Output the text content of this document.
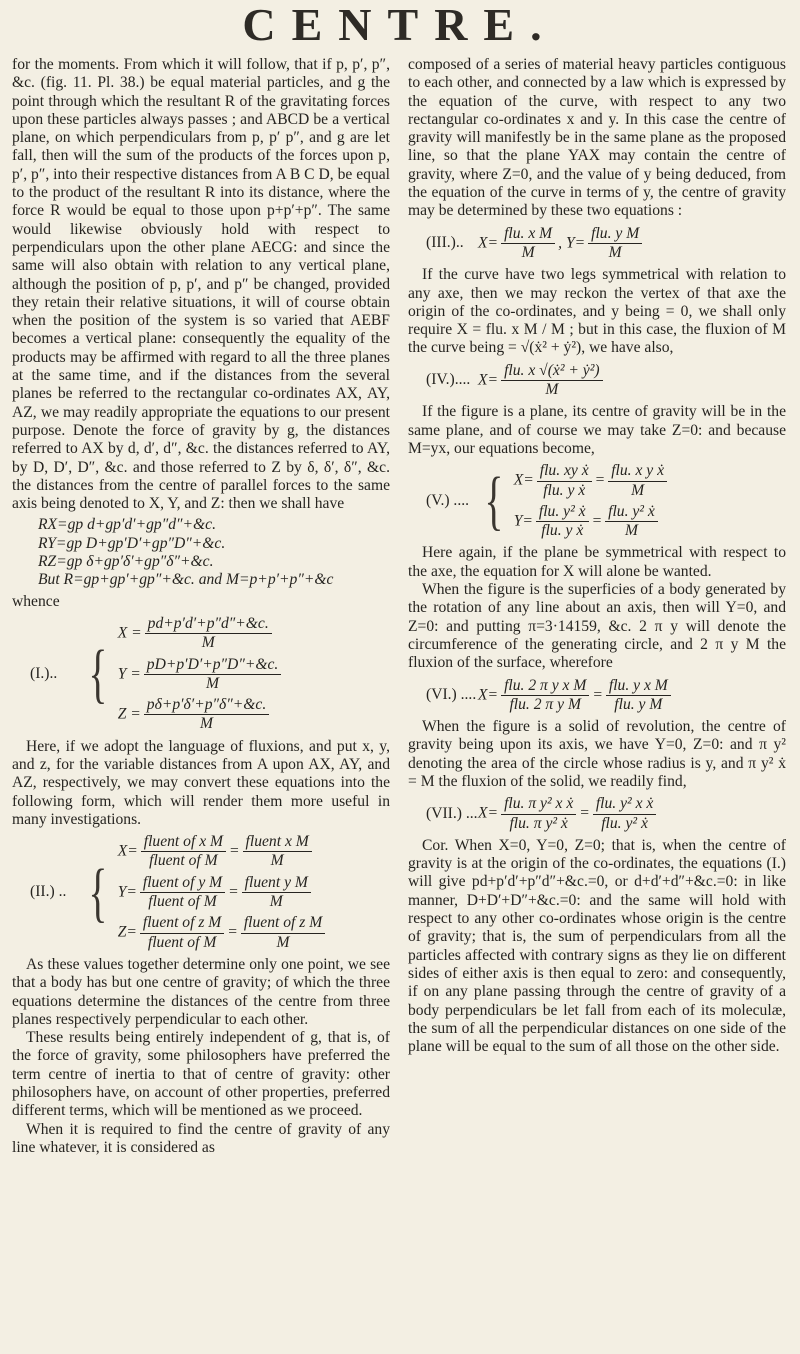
CENTRE.

for the moments. From which it will follow, that if p, p′, p″, &c. (fig. 11. Pl. 38.) be equal material particles, and g the point through which the resultant R of the gravitating forces upon these particles always passes ; and ABCD be a vertical plane, on which perpendiculars from p, p′ p″, and g are let fall, then will the sum of the products of the forces upon p, p′, p″, into their respective distances from A B C D, be equal to the product of the resultant R into its distance, where the force R would be equal to those upon p+p′+p″. The same would likewise obviously hold with respect to perpendiculars upon the other plane AECG: and since the same will also obtain with relation to any vertical plane, although the position of p, p′, and p″ be changed, provided they retain their relative situations, it will of course obtain when the position of the system is so varied that AEBF becomes a vertical plane: consequently the equality of the products may be affirmed with regard to all the three planes at the same time, and if the distances from the several planes be referred to the rectangular co-ordinates AX, AY, AZ, we may readily appropriate the equations to our present purpose. Denote the force of gravity by g, the distances referred to AX by d, d′, d″, &c. the distances referred to AY, by D, D′, D″, &c. and those referred to Z by δ, δ′, δ″, &c. the distances from the centre of parallel forces to the same axis being denoted to X, Y, and Z: then we shall have

RX=gp d+gp′d′+gp″d″+&c.
RY=gp D+gp′D′+gp″D″+&c.
RZ=gp δ+gp′δ′+gp″δ″+&c.
But R=gp+gp′+gp″+&c. and M=p+p′+p″+&c

whence

(I.).. {
$X = \frac{pd+p'd'+p''d''+\&c.}{M}$
$Y = \frac{pD+p'D'+p''D''+\&c.}{M}$
$Z = \frac{p\delta+p'\delta'+p''\delta''+\&c.}{M}$

Here, if we adopt the language of fluxions, and put x, y, and z, for the variable distances from A upon AX, AY, and AZ, respectively, we may convert these equations into the following form, which will render them more useful in many investigations.

(II.) .. {
$X= \frac{\text{fluent of x M}}{\text{fluent of M}} = \frac{\text{fluent x M}}{M}$
$Y= \frac{\text{fluent of y M}}{\text{fluent of M}} = \frac{\text{fluent y M}}{M}$
$Z= \frac{\text{fluent of z M}}{\text{fluent of M}} = \frac{\text{fluent of z M}}{M}$

As these values together determine only one point, we see that a body has but one centre of gravity; of which the three equations determine the distances of the centre from three planes respectively perpendicular to each other.

These results being entirely independent of g, that is, of the force of gravity, some philosophers have preferred the term centre of inertia to that of centre of gravity: other philosophers have, on account of other properties, preferred different terms, which will be mentioned as we proceed.

When it is required to find the centre of gravity of any line whatever, it is considered as

composed of a series of material heavy particles contiguous to each other, and connected by a law which is expressed by the equation of the curve, with respect to any two rectangular co-ordinates x and y. In this case the centre of gravity will manifestly be in the same plane as the proposed line, so that the plane YAX may contain the centre of gravity, where Z=0, and the value of y being deduced, from the equation of the curve in terms of y, the centre of gravity may be determined by these two equations :

(III.).. $X= \frac{\text{flu. x M}}{M}$ , $Y= \frac{\text{flu. y M}}{M}$

If the curve have two legs symmetrical with relation to any axe, then we may reckon the vertex of that axe the origin of the co-ordinates, and y being = 0, we shall only require X = flu. x M / M ; but in this case, the fluxion of M the curve being = √(ẋ² + ẏ²), we have also,

(IV.).... $X= \frac{\text{flu. x √(ẋ² + ẏ²)}}{M}$

If the figure is a plane, its centre of gravity will be in the same plane, and of course we may take Z=0: and because M=yx, our equations become,

(V.) .... { $X= \frac{\text{flu. xy ẋ}}{\text{flu. y ẋ}} = \frac{\text{flu. x y ẋ}}{M}$
$Y= \frac{\text{flu. y² ẋ}}{\text{flu. y ẋ}} = \frac{\text{flu. y² ẋ}}{M}$

Here again, if the plane be symmetrical with respect to the axe, the equation for X will alone be wanted.

When the figure is the superficies of a body generated by the rotation of any line about an axis, then will Y=0, and Z=0: and putting π=3·14159, &c. 2 π y will denote the circumference of the generating circle, and 2 π y M the fluxion of the surface, wherefore

(VI.) .... $X= \frac{\text{flu. 2 π y x M}}{\text{flu. 2 π y M}} = \frac{\text{flu. y x M}}{\text{flu. y M}}$

When the figure is a solid of revolution, the centre of gravity being upon its axis, we have Y=0, Z=0: and π y² denoting the area of the circle whose radius is y, and π y² ẋ = M the fluxion of the solid, we readily find,

(VII.) ... $X= \frac{\text{flu. π y² x ẋ}}{\text{flu. π y² ẋ}} = \frac{\text{flu. y² x ẋ}}{\text{flu. y² ẋ}}$

Cor. When X=0, Y=0, Z=0; that is, when the centre of gravity is at the origin of the co-ordinates, the equations (I.) will give pd+p′d′+p″d″+&c.=0, or d+d′+d″+&c.=0: in like manner, D+D′+D″+&c.=0: and the same will hold with respect to any other co-ordinates whose origin is the centre of gravity; that is, the sum of perpendiculars from all the particles affected with contrary signs as they lie on different sides of either axis is then equal to zero: and consequently, if on any plane passing through the centre of gravity of a body perpendiculars be let fall from each of its moleculæ, the sum of all the perpendicular distances on one side of the plane will be equal to the sum of all those on the other side.
